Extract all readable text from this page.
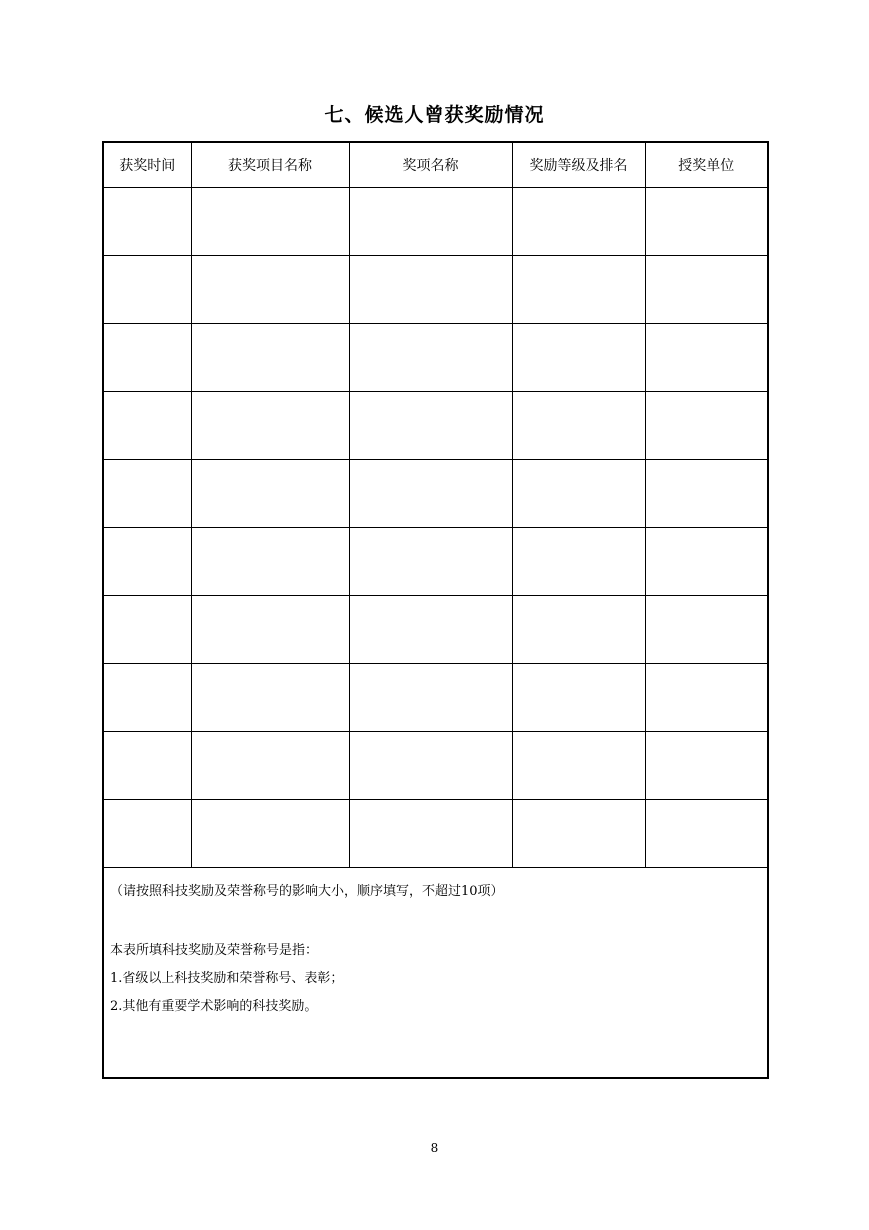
七、候选人曾获奖励情况
获奖时间	获奖项目名称	奖项名称	奖励等级及排名	授奖单位

（请按照科技奖励及荣誉称号的影响大小，顺序填写，不超过10项）

本表所填科技奖励及荣誉称号是指：

1.省级以上科技奖励和荣誉称号、表彰；

2.其他有重要学术影响的科技奖励。

8
